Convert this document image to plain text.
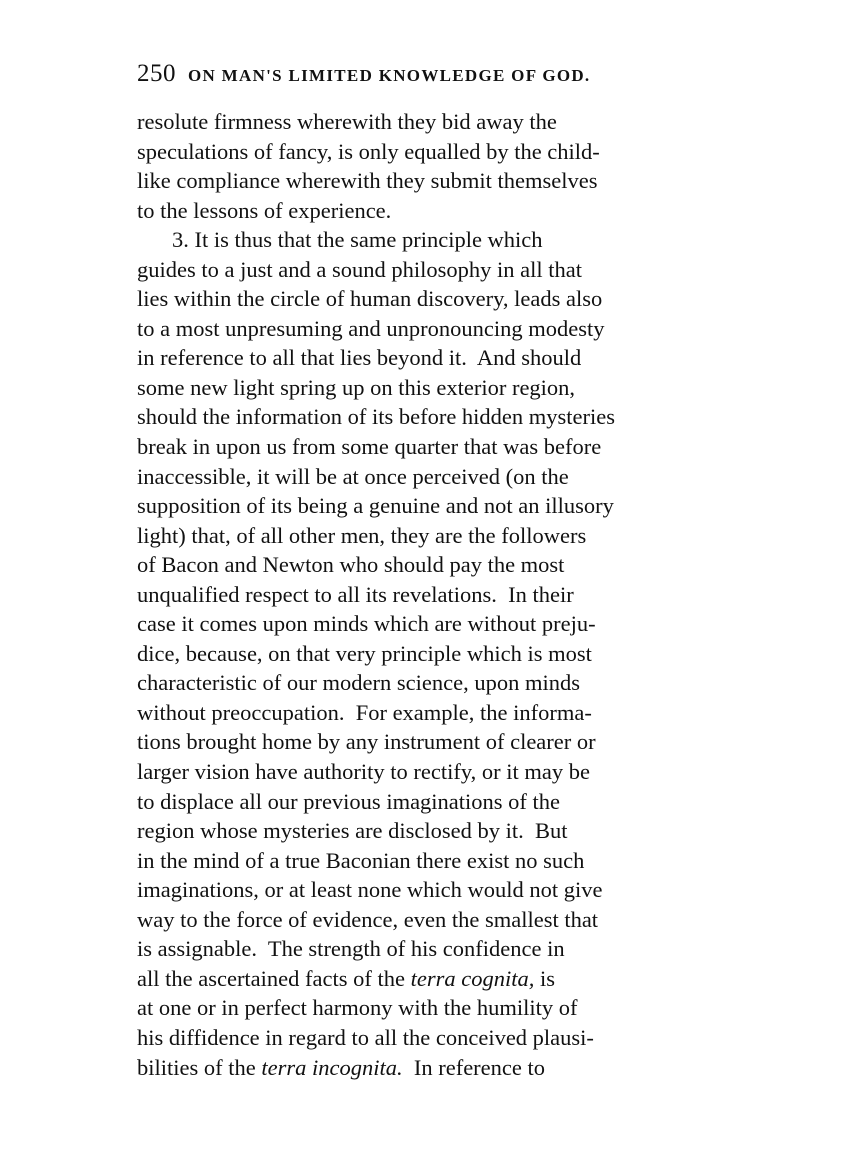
250 ON MAN'S LIMITED KNOWLEDGE OF GOD.
resolute firmness wherewith they bid away the
speculations of fancy, is only equalled by the child-
like compliance wherewith they submit themselves
to the lessons of experience.
3. It is thus that the same principle which
guides to a just and a sound philosophy in all that
lies within the circle of human discovery, leads also
to a most unpresuming and unpronouncing modesty
in reference to all that lies beyond it.  And should
some new light spring up on this exterior region,
should the information of its before hidden mysteries
break in upon us from some quarter that was before
inaccessible, it will be at once perceived (on the
supposition of its being a genuine and not an illusory
light) that, of all other men, they are the followers
of Bacon and Newton who should pay the most
unqualified respect to all its revelations.  In their
case it comes upon minds which are without preju-
dice, because, on that very principle which is most
characteristic of our modern science, upon minds
without preoccupation.  For example, the informa-
tions brought home by any instrument of clearer or
larger vision have authority to rectify, or it may be
to displace all our previous imaginations of the
region whose mysteries are disclosed by it.  But
in the mind of a true Baconian there exist no such
imaginations, or at least none which would not give
way to the force of evidence, even the smallest that
is assignable.  The strength of his confidence in
all the ascertained facts of the terra cognita, is
at one or in perfect harmony with the humility of
his diffidence in regard to all the conceived plausi-
bilities of the terra incognita.  In reference to
